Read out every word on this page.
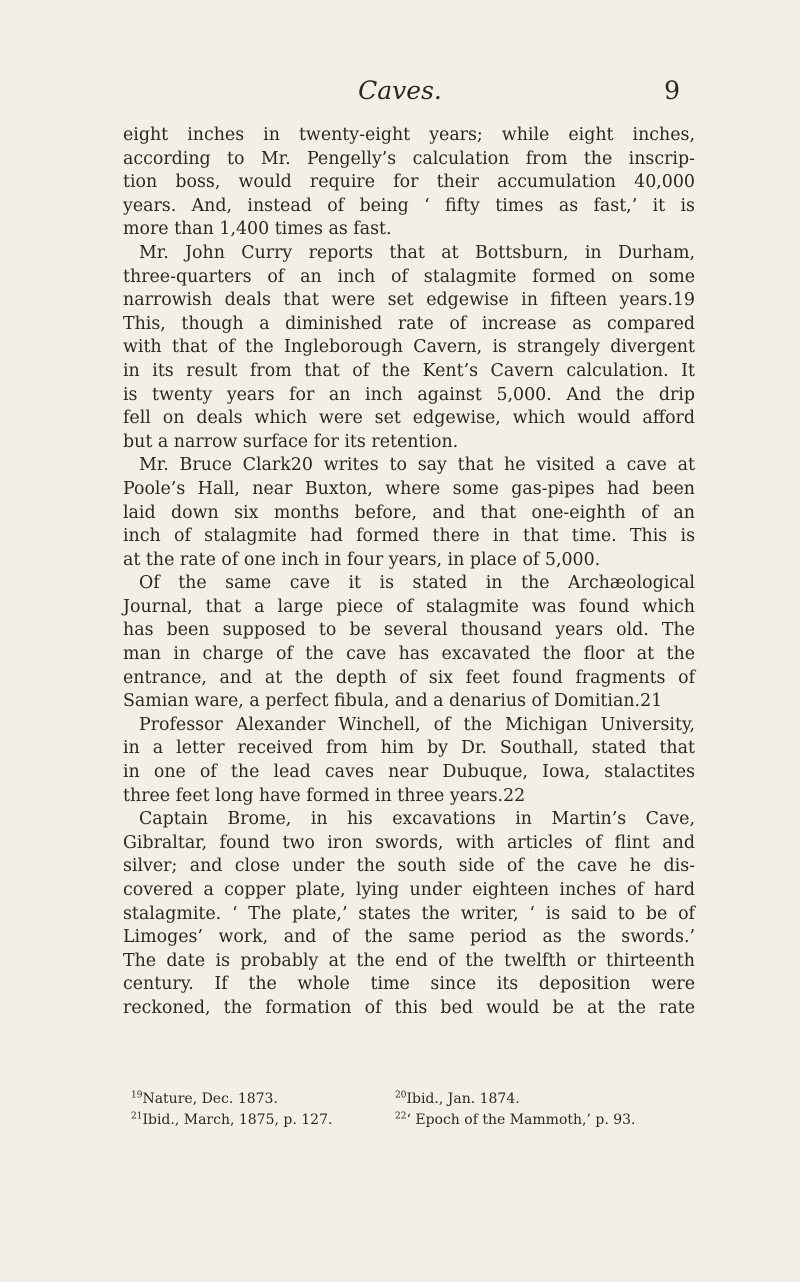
Caves.	9
eight inches in twenty-eight years; while eight inches,
according to Mr. Pengelly’s calculation from the inscrip-
tion boss, would require for their accumulation 40,000
years. And, instead of being ‘ fifty times as fast,’ it is
more than 1,400 times as fast.
Mr. John Curry reports that at Bottsburn, in Durham,
three-quarters of an inch of stalagmite formed on some
narrowish deals that were set edgewise in fifteen years.19
This, though a diminished rate of increase as compared
with that of the Ingleborough Cavern, is strangely divergent
in its result from that of the Kent’s Cavern calculation. It
is twenty years for an inch against 5,000. And the drip
fell on deals which were set edgewise, which would afford
but a narrow surface for its retention.
Mr. Bruce Clark20 writes to say that he visited a cave at
Poole’s Hall, near Buxton, where some gas-pipes had been
laid down six months before, and that one-eighth of an
inch of stalagmite had formed there in that time. This is
at the rate of one inch in four years, in place of 5,000.
Of the same cave it is stated in the Archæological
Journal, that a large piece of stalagmite was found which
has been supposed to be several thousand years old. The
man in charge of the cave has excavated the floor at the
entrance, and at the depth of six feet found fragments of
Samian ware, a perfect fibula, and a denarius of Domitian.21
Professor Alexander Winchell, of the Michigan University,
in a letter received from him by Dr. Southall, stated that
in one of the lead caves near Dubuque, Iowa, stalactites
three feet long have formed in three years.22
Captain Brome, in his excavations in Martin’s Cave,
Gibraltar, found two iron swords, with articles of flint and
silver; and close under the south side of the cave he dis-
covered a copper plate, lying under eighteen inches of hard
stalagmite. ‘ The plate,’ states the writer, ‘ is said to be of
Limoges’ work, and of the same period as the swords.’
The date is probably at the end of the twelfth or thirteenth
century. If the whole time since its deposition were
reckoned, the formation of this bed would be at the rate
$^{19}$Nature, Dec. 1873.
$^{21}$Ibid., March, 1875, p. 127.
$^{20}$Ibid., Jan. 1874.
$^{22}$‘ Epoch of the Mammoth,’ p. 93.
